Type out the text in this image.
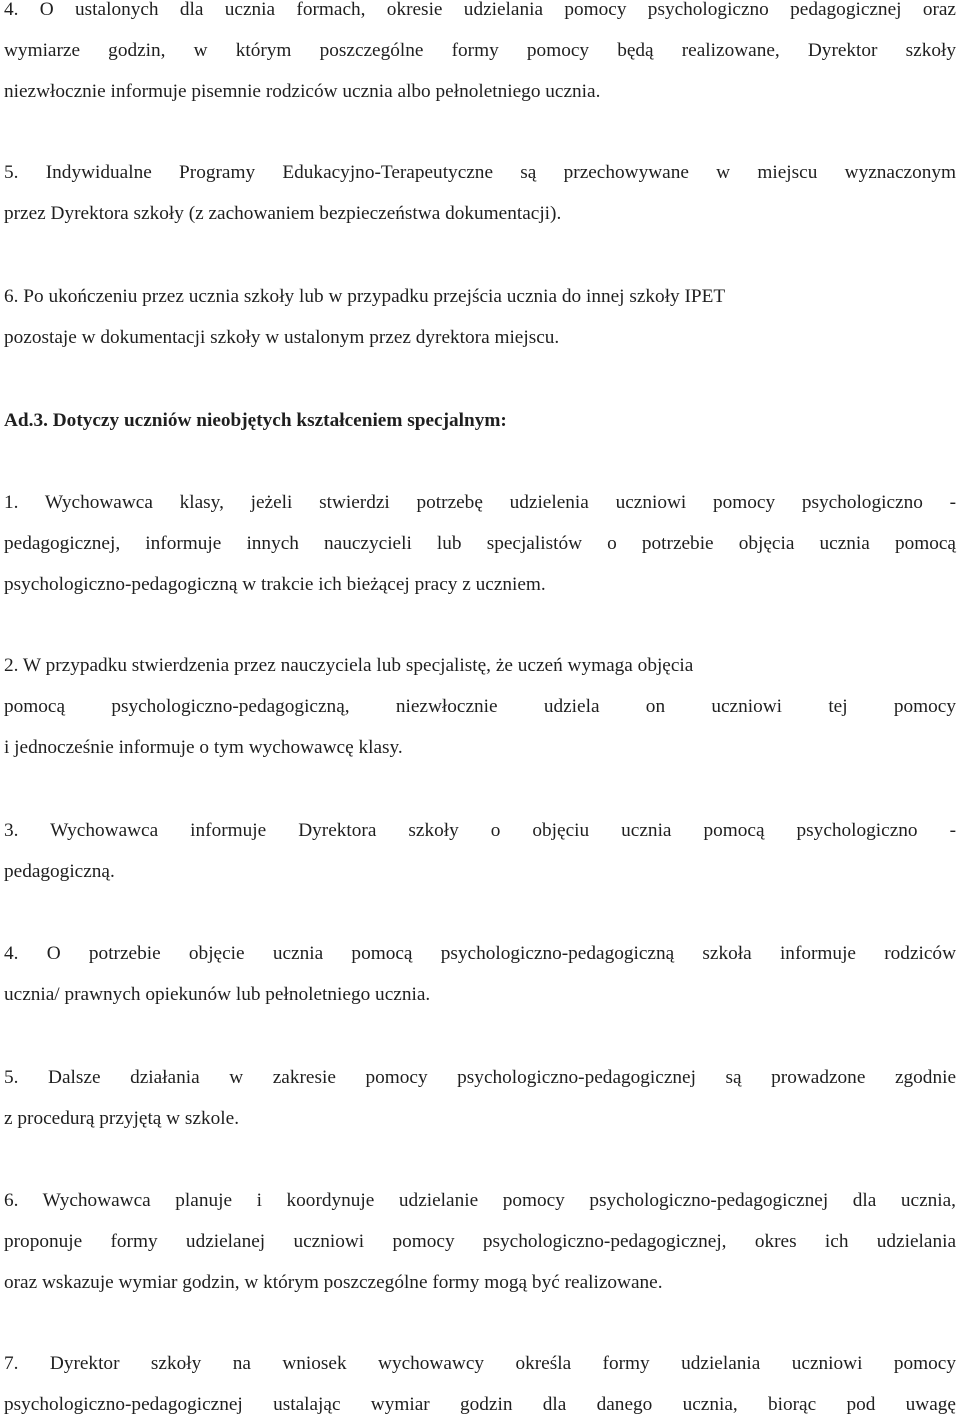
4. O ustalonych dla ucznia formach, okresie udzielania pomocy psychologiczno pedagogicznej oraz
wymiarze godzin, w którym poszczególne formy pomocy będą realizowane, Dyrektor szkoły
niezwłocznie informuje pisemnie rodziców ucznia albo pełnoletniego ucznia.

5. Indywidualne Programy Edukacyjno-Terapeutyczne są przechowywane w miejscu wyznaczonym
przez Dyrektora szkoły (z zachowaniem bezpieczeństwa dokumentacji).

6. Po ukończeniu przez ucznia szkoły lub w przypadku przejścia ucznia do innej szkoły IPET
pozostaje w dokumentacji szkoły w ustalonym przez dyrektora miejscu.

Ad.3. Dotyczy uczniów nieobjętych kształceniem specjalnym:

1. Wychowawca klasy, jeżeli stwierdzi potrzebę udzielenia uczniowi pomocy psychologiczno -
pedagogicznej, informuje innych nauczycieli lub specjalistów o potrzebie objęcia ucznia pomocą
psychologiczno-pedagogiczną w trakcie ich bieżącej pracy z uczniem.

2. W przypadku stwierdzenia przez nauczyciela lub specjalistę, że uczeń wymaga objęcia
pomocą psychologiczno-pedagogiczną, niezwłocznie udziela on uczniowi tej pomocy
i jednocześnie informuje o tym wychowawcę klasy.

3. Wychowawca informuje Dyrektora szkoły o objęciu ucznia pomocą psychologiczno -
pedagogiczną.

4. O potrzebie objęcie ucznia pomocą psychologiczno-pedagogiczną szkoła informuje rodziców
ucznia/ prawnych opiekunów lub pełnoletniego ucznia.

5. Dalsze działania w zakresie pomocy psychologiczno-pedagogicznej są prowadzone zgodnie
z procedurą przyjętą w szkole.

6. Wychowawca planuje i koordynuje udzielanie pomocy psychologiczno-pedagogicznej dla ucznia,
proponuje formy udzielanej uczniowi pomocy psychologiczno-pedagogicznej, okres ich udzielania
oraz wskazuje wymiar godzin, w którym poszczególne formy mogą być realizowane.

7. Dyrektor szkoły na wniosek wychowawcy określa formy udzielania uczniowi pomocy
psychologiczno-pedagogicznej ustalając wymiar godzin dla danego ucznia, biorąc pod uwagę
